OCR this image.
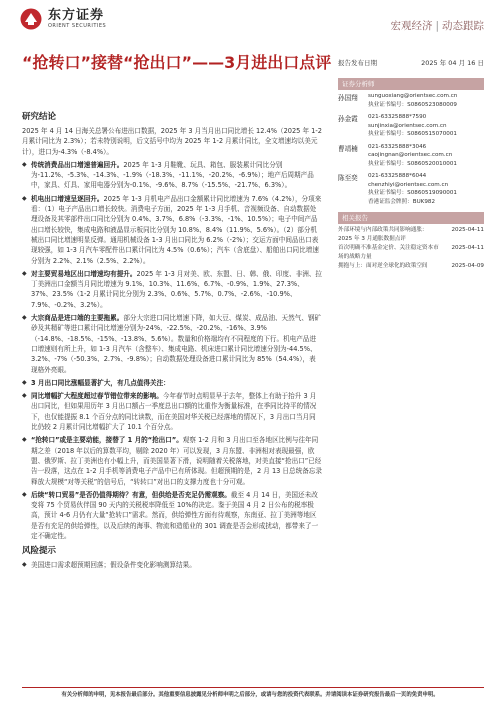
东方证券
ORIENT SECURITIES	宏观经济 | 动态跟踪
“抢转口”接替“抢出口”——3月进出口点评 报告发布日期	2025 年 04 月 16 日
研究结论
2025 年 4 月 14 日海关总署公布进出口数据，2025 年 3 月当月出口同比增长 12.4%（2025 年 1-2 月累计同比为 2.3%）；若未特别说明，后文括号中均为 2025 年 1-2 月累计同比，全文增速均以美元计），进口为-4.3%（-8.4%）。
◆ 传统消费品出口增速普遍回升。2025 年 1-3 月鞋靴、玩具、箱包、服装累计同比分别为-11.2%、-5.3%、-14.3%、-1.9%（-18.3%、-11.1%、-20.2%、-6.9%）；地产后周期产品中，家具、灯具、家用电器分别为-0.1%、-9.6%、8.7%（-15.5%、-21.7%、6.3%）。
◆ 机电出口增速呈逐回升。2025 年 1-3 月机电产品出口金额累计同比增速为 7.6%（4.2%），分项来看：（1）电子产品出口增长较快。消费电子方面，2025 年 1-3 月手机、音视频设备、自动数据处理设备及其零部件出口同比分别为 0.4%、3.7%、6.8%（-3.3%、-1%、10.5%）；电子中间产品出口增长较快，集成电路和液晶显示板同比分别为 10.8%、8.4%（11.9%、5.6%）。（2）部分机械出口同比增速明显反弹。通用机械设备 1-3 月出口同比为 6.2%（-2%）；交运方面中间品出口表现较强，如 1-3 月汽车零配件出口累计同比为 4.5%（0.6%）；汽车（含底盘）、船舶出口同比增速分别为 2.2%、2.1%（2.5%、2.2%）。
◆ 对主要贸易地区出口增速均有提升。2025 年 1-3 月对美、欧、东盟、日、韩、俄、印度、非洲、拉丁美洲出口金额当月同比增速为 9.1%、10.3%、11.6%、6.7%、-0.9%、1.9%、27.3%、37%、23.5%（1-2 月累计同比分别为 2.3%、0.6%、5.7%、0.7%、-2.6%、-10.9%、7.9%、-0.2%、3.2%）。
◆ 大宗商品是进口端的主要拖累。部分大宗进口同比增速下降，如大豆、煤炭、成品油、天然气、钢矿砂及其精矿等进口累计同比增速分别为-24%、-22.5%、-20.2%、-16%、3.9%（-14.8%、-18.5%、-15%、-13.8%、5.6%）。数量和价格端均有不同程度的下行。机电产品进口增速则有所上升，如 1-3 月汽车（含整车）、集成电路、机床进口累计同比增速分别为-44.5%、3.2%、-7%（-50.3%、2.7%、-9.8%）；自动数据处理设备进口累计同比为 85%（54.4%），表现格外亮眼。
◆ 3 月出口同比涨幅显著扩大，有几点值得关注：
◆ 同比增幅扩大程度超过春节错位带来的影响。今年春节时点明显早于去年，整体上有助于抬升 3 月出口同比，但如果用历年 3 月出口额占一季度总出口额的比重作为衡量标准，在季同比持平的情况下，也仅能提振 8.1 个百分点的同比读数，而在美国对华关税已经落地的情况下，3 月出口当月同比仍较 2 月累计同比增幅扩大了 10.1 个百分点。
◆ “抢转口”或是主要动能，接替了 1 月的“抢出口”。观察 1-2 月和 3 月出口至各地区比例与往年同期之差（2018 年以后的算数平均，剔除 2020 年）可以发现，3 月东盟、非洲相对表现最强，欧盟、俄罗斯、拉丁美洲也有小幅上升，而美国显著下滑，说明随着关税落地，对美直接“抢出口”已经告一段落，这点在 1-2 月手机等消费电子产品中已有所体现。但超预期的是，2 月 13 日总统备忘录释放大规模“对等关税”的信号后，“转转口”对出口的支撑力度也十分可观。
◆ 后续“转口贸易”是否仍值得期待？有意，但供给是否充足仍需观察。截至 4 月 14 日，美国还未改变将 75 个贸易伙伴国 90 天内的关税税率降低至 10%的决定。鉴于美国 4 月 2 日公布的税率极高，预计 4-6 月仍有大量“抢转口”需求。然而，供给弹性方面有待观察，东南亚、拉丁美洲等地区是否有充足的供给弹性，以及后续的海事、物流和造船业的 301 调查是否会形成扰动，都带来了一定不确定性。
风险提示
◆ 美国进口需求超预期回落；假设条件变化影响测算结果。
证券分析师
孙国翔	sunguoxiang@orientsec.com.cn
执业证书编号：S0860523080009
孙金霞	021-63325888*7590
sunjinxia@orientsec.com.cn
执业证书编号：S0860515070001
曹靖楠	021-63325888*3046
caojingnan@orientsec.com.cn
执业证书编号：S0860520010001
陈至奕	021-63325888*6044
chenzhiyi@orientsec.com.cn
执业证书编号：S0860519090001
香港证监会牌照：BUK982
相关报告
外部环境与内部政策共同影响通胀：	2025-04-11
2025 年 3 月通胀数据点评
首次明确不准基金定价、关注稳定资本市 2025-04-11
场的战略力量
拥抱与上：面对逆全球化的政策空间	2025-04-09
有关分析师的申明，见本报告最后部分。其他重要信息披露见分析师申明之后部分，或请与您的投资代表联系。并请阅读本证券研究报告最后一页的免责申明。
